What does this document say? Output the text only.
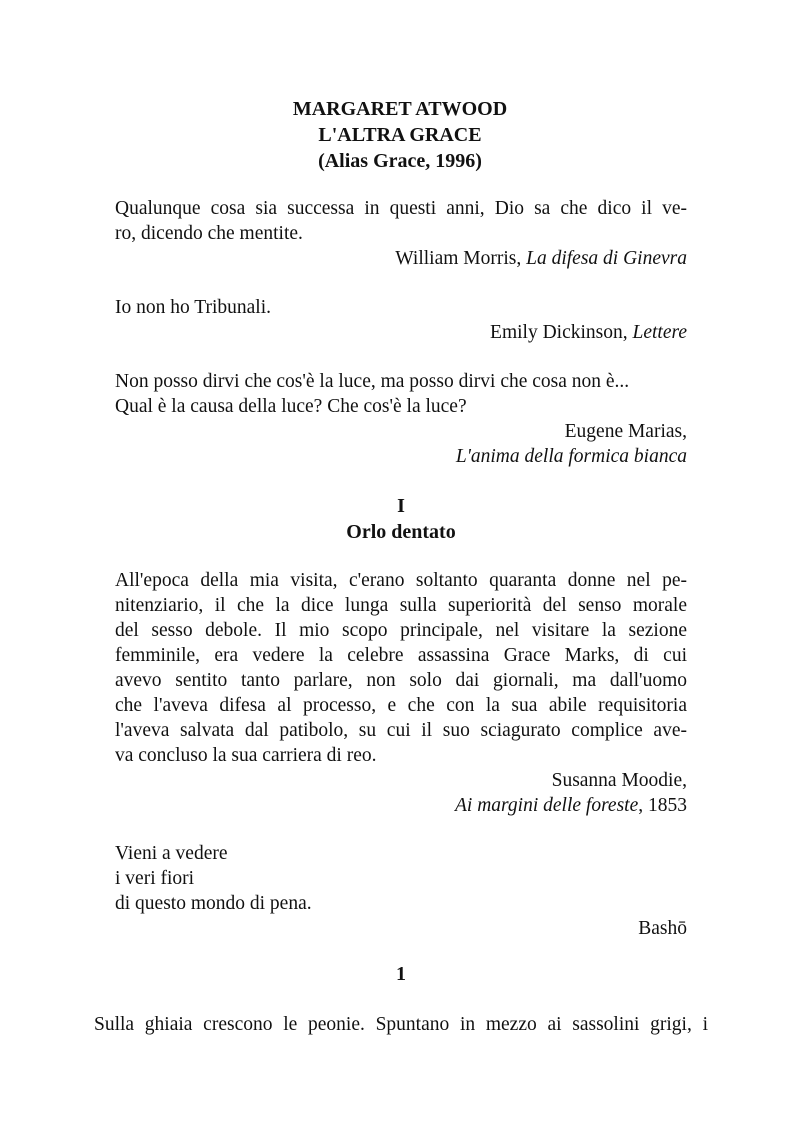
MARGARET ATWOOD
L'ALTRA GRACE
(Alias Grace, 1996)
Qualunque cosa sia successa in questi anni, Dio sa che dico il ve-
ro, dicendo che mentite.
William Morris, La difesa di Ginevra
Io non ho Tribunali.
Emily Dickinson, Lettere
Non posso dirvi che cos'è la luce, ma posso dirvi che cosa non è...
Qual è la causa della luce? Che cos'è la luce?
Eugene Marias,
L'anima della formica bianca
I
Orlo dentato
All'epoca della mia visita, c'erano soltanto quaranta donne nel pe-
nitenziario, il che la dice lunga sulla superiorità del senso morale
del sesso debole. Il mio scopo principale, nel visitare la sezione
femminile, era vedere la celebre assassina Grace Marks, di cui
avevo sentito tanto parlare, non solo dai giornali, ma dall'uomo
che l'aveva difesa al processo, e che con la sua abile requisitoria
l'aveva salvata dal patibolo, su cui il suo sciagurato complice ave-
va concluso la sua carriera di reo.
Susanna Moodie,
Ai margini delle foreste, 1853
Vieni a vedere
i veri fiori
di questo mondo di pena.
Bashō
1
Sulla ghiaia crescono le peonie. Spuntano in mezzo ai sassolini grigi, i
